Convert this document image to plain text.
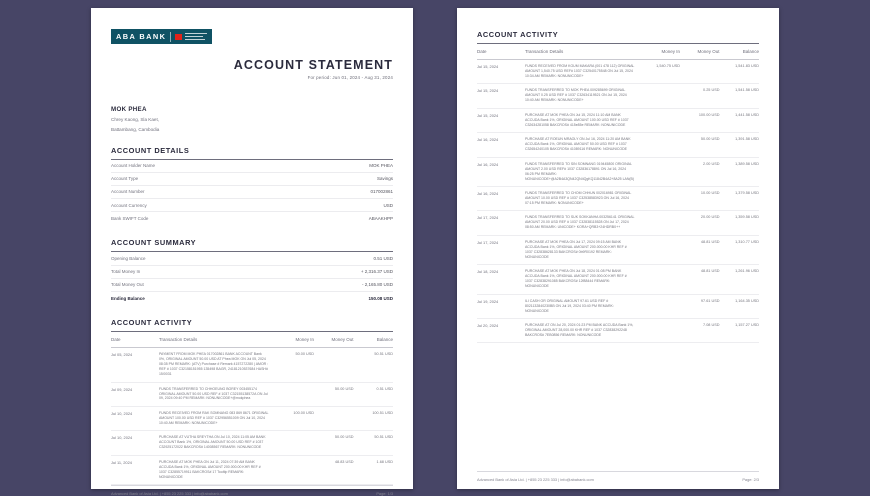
ABA BANK
ACCOUNT STATEMENT
For period: Jun 01, 2024 - Aug 31, 2024
MOK PHEA
Chrey Kaong, Sla Kaet,
Battambang, Cambodia
ACCOUNT DETAILS
Account Holder Name	MOK PHEA
Account Type	Savings
Account Number	017002861
Account Currency	USD
Bank SWIFT Code	ABAAKHPP
ACCOUNT SUMMARY
Opening Balance	0.51 USD
Total Money In	+ 2,316.37 USD
Total Money Out	- 2,165.80 USD
Ending Balance	150.08 USD
ACCOUNT ACTIVITY
Date	Transaction Details	Money In	Money Out	Balance
Jul 05, 2024	PAYMENT FROM MOK PHEA 017002861 BANK ACCOUNT Bank 0%, ORIGINAL AMOUNT 50.00 USD AT Phea MOK ON Jul 05, 2024 08:35 PM REMARK: (ATV) Purchase # Remark 4157272280 | AMOR : REF # 1037 C32158151955 135498 BAGR, 24181210537684 HASH# 15/0031	50.00 USD		50.51 USD
Jul 09, 2024	FUNDS TRANSFERRED TO CHHOEUNG BOREY 003455174 ORIGINAL AMOUNT 50.00 USD REF # 1037 C32155138572A ON Jul 09, 2024 09:40 PM REMARK: NONUNICODE+@mokphea		50.00 USD	0.51 USD
Jul 10, 2024	FUNDS RECEIVED FROM RAK SOMNANG 083 869 8671 ORIGINAL AMOUNT 100.00 USD REF # 1037 C32956551009 ON Jul 10, 2024 10:40 AM REMARK: NONUNICODE+	100.00 USD		100.51 USD
Jul 10, 2024	PURCHASE AT VUTHA SREYTHA ON Jul 10, 2024 11:05 AM BANK ACCOUNT Bank 1%, ORIGINAL AMOUNT 50.00 USD REF # 1037 C32925172022 BAKCROS# 14008567 REMARK: NONUNICODE		50.00 USD	50.51 USD
Jul 11, 2024	PURCHASE AT MOK PHEA ON Jul 11, 2024 07:39 AM BANK ACCUDA Bank 1%, ORIGINAL AMOUNT 200.000.00 KHR REF # 1037 C32855719911 BAKCROS# 17 Tooltip REMARK: NONUNICODE		48.83 USD	1.68 USD
Advanced Bank of Asia Ltd. | +855 23 225 333 | info@ababank.com	Page: 1/3
ACCOUNT ACTIVITY
Date	Transaction Details	Money In	Money Out	Balance
Jul 15, 2024	FUNDS RECEIVED FROM KOUM MAKARA (001 478 112) ORIGINAL AMOUNT 1,540.75 USD REF# 1037 C32540175548 ON Jul 15, 2024 10:34 AM REMARK: NONUNICODE+	1,540.75 USD		1,541.83 USD
Jul 15, 2024	FUNDS TRANSFERRED TO MOK PHEA 009285699 ORIGINAL AMOUNT 0.25 USD REF # 1037 C32634119521 ON Jul 15, 2024 10:40 AM REMARK: NONUNICODE+		0.25 USD	1,541.58 USD
Jul 15, 2024	PURCHASE AT MOK PHEA ON Jul 15, 2024 11:10 AM BANK ACCUDA Bank 1%, ORIGINAL AMOUNT 100.00 USD REF # 1037 C32634281058 BAKCROS# 415e85e REMARK: NONUNICODE		100.00 USD	1,441.58 USD
Jul 16, 2024	PURCHASE AT ROEUN MRAOLY ON Jul 16, 2024 11:20 AM BANK ACCUDA Bank 1%, ORIGINAL AMOUNT 50.00 USD REF # 1037 C32654240105 BAKCROS# 41089116 REMARK: NONUNICODE		50.00 USD	1,391.58 USD
Jul 16, 2024	FUNDS TRANSFERRED TO SIN SOMNANG 019445800 ORIGINAL AMOUNT 2.00 USD REF# 1037 C32836178891 ON Jul 16, 2024 06:25 PM REMARK: NONUNICODE+@A2B4A3QN42QN4QgKQ11842B4A2+8A25 LAN(B)		2.00 USD	1,389.58 USD
Jul 16, 2024	FUNDS TRANSFERRED TO CHOM CHHUN 002016981 ORIGINAL AMOUNT 10.00 USD REF # 1037 C32538583923 ON Jul 16, 2024 07:15 PM REMARK: NONUNICODE+		10.00 USD	1,379.58 USD
Jul 17, 2024	FUNDS TRANSFERRED TO SUK SOKKANHA 003256141 ORIGINAL AMOUNT 20.00 USD REF # 1037 C32838115528 ON Jul 17, 2024 08:50 AM REMARK: UNICODE+ KORA+QRB3+24HDRB0++		20.00 USD	1,359.58 USD
Jul 17, 2024	PURCHASE AT MOK PHEA ON Jul 17, 2024 09:15 AM BANK ACCUDA Bank 1%, ORIGINAL AMOUNT 200.000.00 KHR REF # 1037 C32838628133 BAKCROS# 0b9R0192 REMARK: NONUNICODE		48.81 USD	1,310.77 USD
Jul 18, 2024	PURCHASE AT MOK PHEA ON Jul 18, 2024 01:08 PM BANK ACCUDA Bank 1%, ORIGINAL AMOUNT 200.000.00 KHR REF # 1037 C32838291085 BAKCROS# 12f88444 REMARK: NONUNICODE		48.81 USD	1,261.96 USD
Jul 19, 2024	ILI CASH OR ORIGINAL AMOUNT 97.61 USD REF # 8021132840230BB ON Jul 19, 2024 03:40 PM REMARK: NONUNICODE		97.61 USD	1,164.35 USD
Jul 20, 2024	PURCHASE AT ON Jul 20, 2024 01:23 PM BANK ACCUDA Bank 1%, ORIGINAL AMOUNT 28,000.00 KHR REF # 1037 C32838292248 BAKCROS# 7EB0856 REMARK: NONUNICODE		7.08 USD	1,157.27 USD
Advanced Bank of Asia Ltd. | +855 23 225 333 | info@ababank.com	Page: 2/3
